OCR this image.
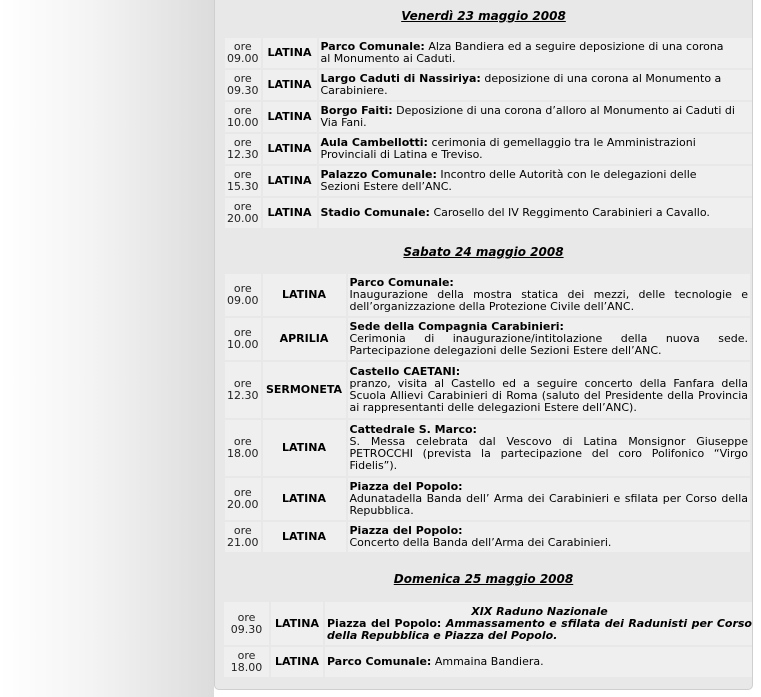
Venerdì 23 maggio 2008
ore
09.00	LATINA	Parco Comunale: Alza Bandiera ed a seguire deposizione di una corona
al Monumento ai Caduti.
ore
09.30	LATINA	Largo Caduti di Nassiriya: deposizione di una corona al Monumento a
Carabiniere.
ore
10.00	LATINA	Borgo Faiti: Deposizione di una corona d’alloro al Monumento ai Caduti di
Via Fani.
ore
12.30	LATINA	Aula Cambellotti: cerimonia di gemellaggio tra le Amministrazioni
Provinciali di Latina e Treviso.
ore
15.30	LATINA	Palazzo Comunale: Incontro delle Autorità con le delegazioni delle
Sezioni Estere dell’ANC.
ore
20.00	LATINA	Stadio Comunale: Carosello del IV Reggimento Carabinieri a Cavallo.
Sabato 24 maggio 2008
ore
09.00	LATINA	Parco Comunale:
Inaugurazione della mostra statica dei mezzi, delle tecnologie e dell’organizzazione della Protezione Civile dell’ANC.
ore
10.00	APRILIA	Sede della Compagnia Carabinieri:
Cerimonia di inaugurazione/intitolazione della nuova sede. Partecipazione delegazioni delle Sezioni Estere dell’ANC.
ore
12.30	SERMONETA	Castello CAETANI:
pranzo, visita al Castello ed a seguire concerto della Fanfara della Scuola Allievi Carabinieri di Roma (saluto del Presidente della Provincia ai rappresentanti delle delegazioni Estere dell’ANC).
ore
18.00	LATINA	Cattedrale S. Marco:
S. Messa celebrata dal Vescovo di Latina Monsignor Giuseppe PETROCCHI (prevista la partecipazione del coro Polifonico “Virgo Fidelis”).
ore
20.00	LATINA	Piazza del Popolo:
Adunatadella Banda dell’ Arma dei Carabinieri e sfilata per Corso della Repubblica.
ore
21.00	LATINA	Piazza del Popolo:
Concerto della Banda dell’Arma dei Carabinieri.
Domenica 25 maggio 2008
ore
09.30	LATINA	XIX Raduno Nazionale
Piazza del Popolo: Ammassamento e sfilata dei Radunisti per Corso della Repubblica e Piazza del Popolo.
ore
18.00	LATINA	Parco Comunale: Ammaina Bandiera.
